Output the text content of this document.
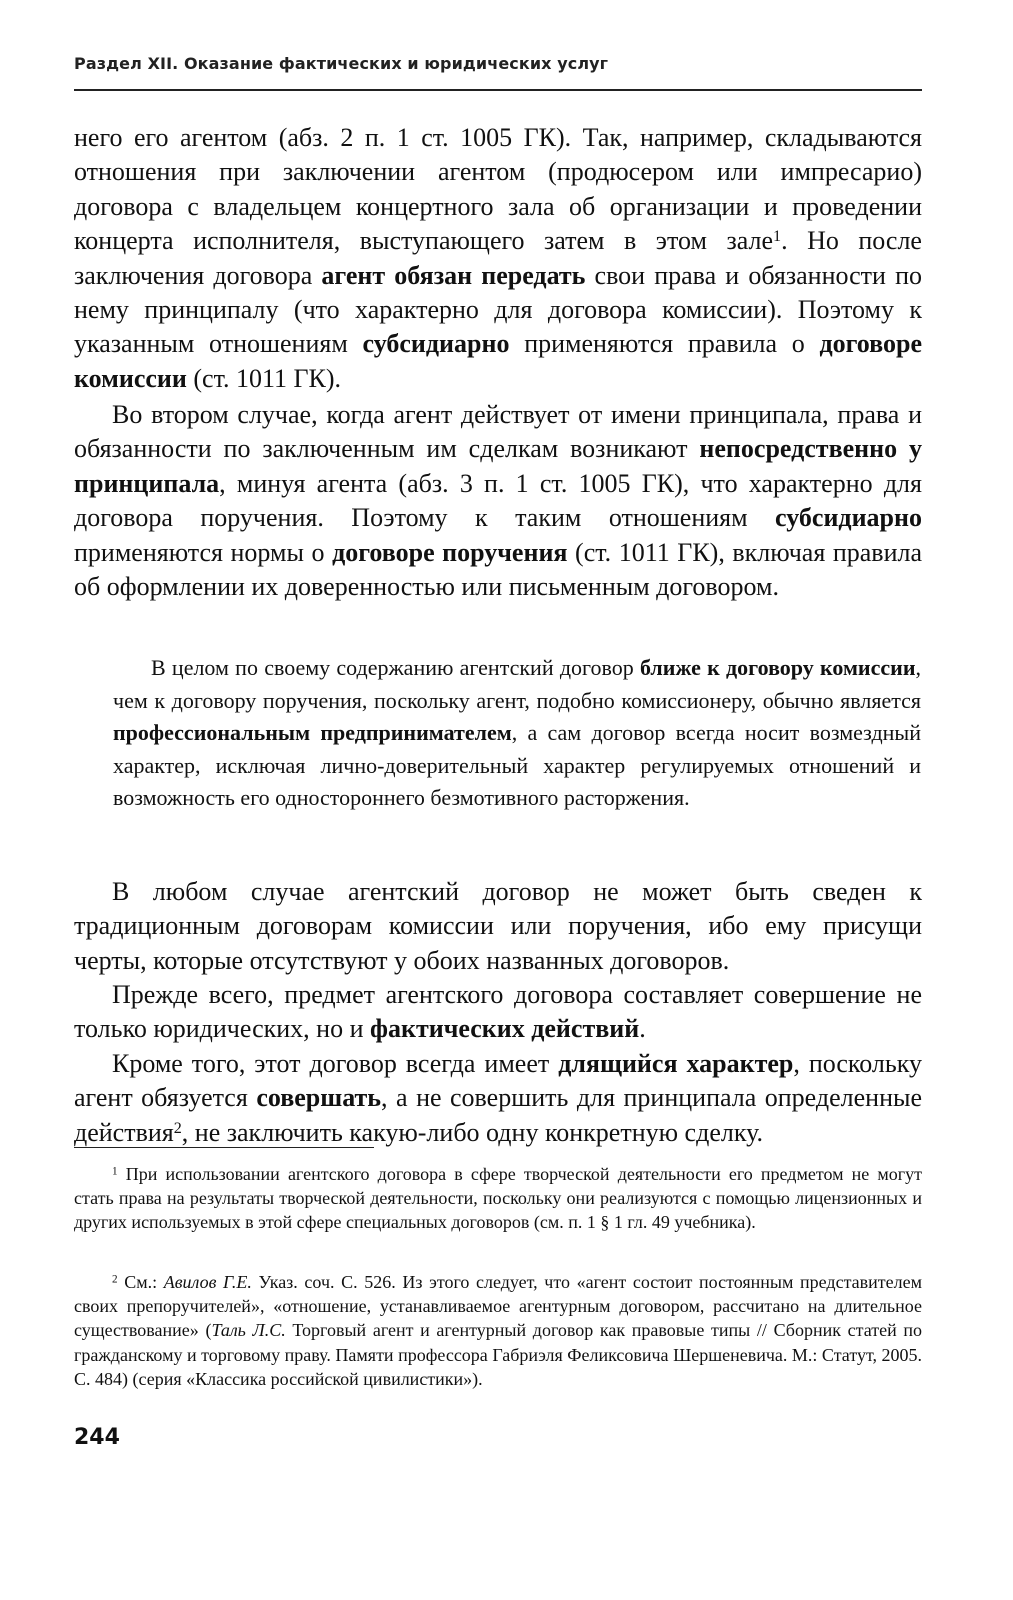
Раздел XII. Оказание фактических и юридических услуг

него его агентом (абз. 2 п. 1 ст. 1005 ГК). Так, например, складываются отношения при заключении агентом (продюсером или импресарио) договора с владельцем концертного зала об организации и проведении концерта исполнителя, выступающего затем в этом зале$^1$. Но после заключения договора агент обязан передать свои права и обязанности по нему принципалу (что характерно для договора комиссии). Поэтому к указанным отношениям субсидиарно применяются правила о договоре комиссии (ст. 1011 ГК).

Во втором случае, когда агент действует от имени принципала, права и обязанности по заключенным им сделкам возникают непосредственно у принципала, минуя агента (абз. 3 п. 1 ст. 1005 ГК), что характерно для договора поручения. Поэтому к таким отношениям субсидиарно применяются нормы о договоре поручения (ст. 1011 ГК), включая правила об оформлении их доверенностью или письменным договором.

В целом по своему содержанию агентский договор ближе к договору комиссии, чем к договору поручения, поскольку агент, подобно комиссионеру, обычно является профессиональным предпринимателем, а сам договор всегда носит возмездный характер, исключая лично-доверительный характер регулируемых отношений и возможность его одностороннего безмотивного расторжения.

В любом случае агентский договор не может быть сведен к традиционным договорам комиссии или поручения, ибо ему присущи черты, которые отсутствуют у обоих названных договоров.

Прежде всего, предмет агентского договора составляет совершение не только юридических, но и фактических действий.

Кроме того, этот договор всегда имеет длящийся характер, поскольку агент обязуется совершать, а не совершить для принципала определенные действия$^2$, не заключить какую-либо одну конкретную сделку.

$^1$ При использовании агентского договора в сфере творческой деятельности его предметом не могут стать права на результаты творческой деятельности, поскольку они реализуются с помощью лицензионных и других используемых в этой сфере специальных договоров (см. п. 1 § 1 гл. 49 учебника).

$^2$ См.: Авилов Г.Е. Указ. соч. С. 526. Из этого следует, что «агент состоит постоянным представителем своих препоручителей», «отношение, устанавливаемое агентурным договором, рассчитано на длительное существование» (Таль Л.С. Торговый агент и агентурный договор как правовые типы // Сборник статей по гражданскому и торговому праву. Памяти профессора Габриэля Феликсовича Шершеневича. М.: Статут, 2005. С. 484) (серия «Классика российской цивилистики»).

244
